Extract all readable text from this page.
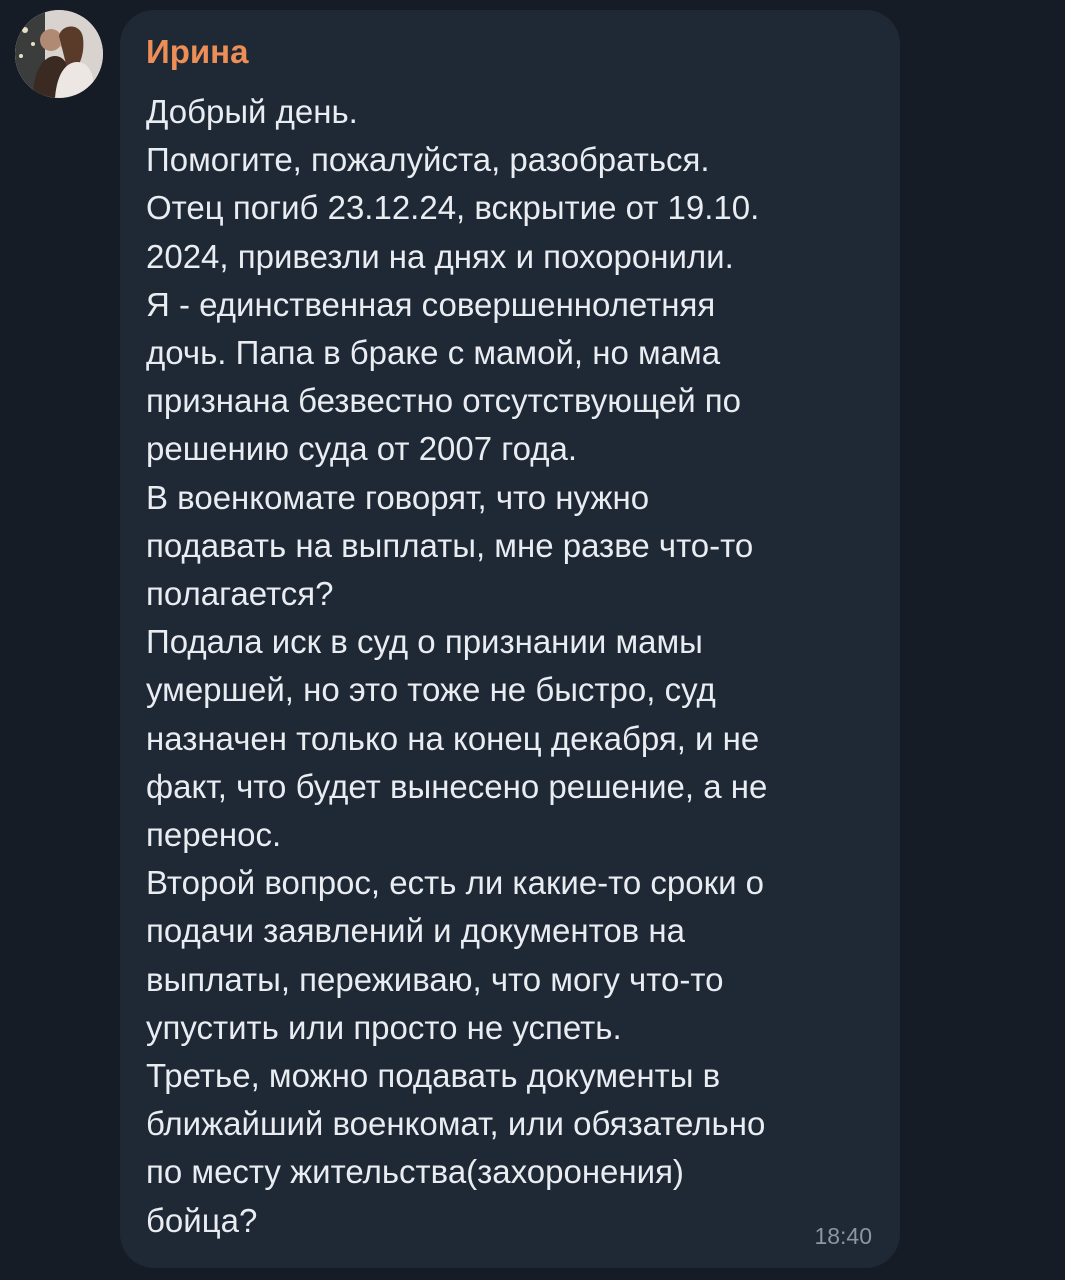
Ирина
Добрый день.
Помогите, пожалуйста, разобраться.
Отец погиб 23.12.24, вскрытие от 19.10.
2024, привезли на днях и похоронили.
Я - единственная совершеннолетняя
дочь. Папа в браке с мамой, но мама
признана безвестно отсутствующей по
решению суда от 2007 года.
В военкомате говорят, что нужно
подавать на выплаты, мне разве что-то
полагается?
Подала иск в суд о признании мамы
умершей, но это тоже не быстро, суд
назначен только на конец декабря, и не
факт, что будет вынесено решение, а не
перенос.
Второй вопрос, есть ли какие-то сроки о
подачи заявлений и документов на
выплаты, переживаю, что могу что-то
упустить или просто не успеть.
Третье, можно подавать документы в
ближайший военкомат, или обязательно
по месту жительства(захоронения)
бойца?	18:40
